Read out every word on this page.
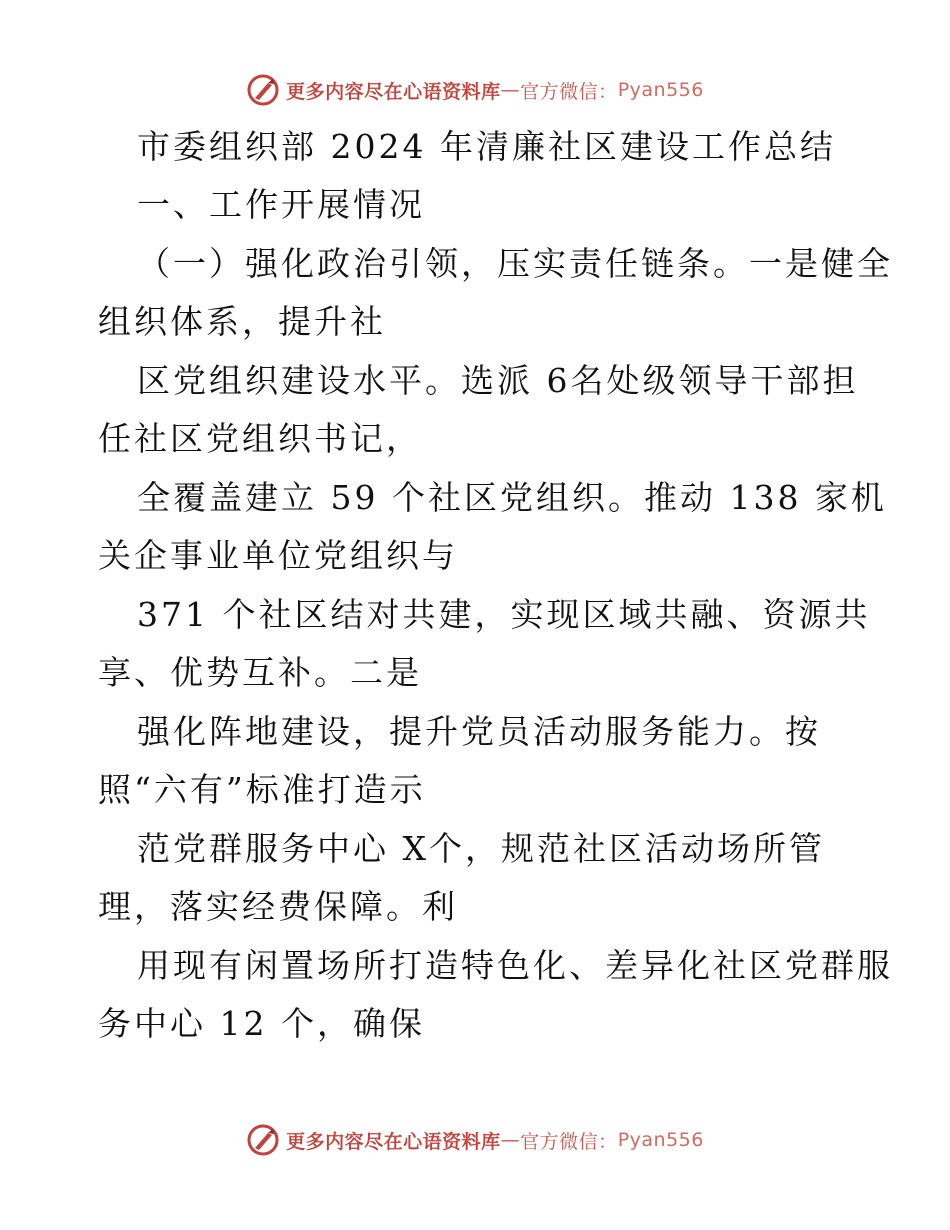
更多内容尽在心语资料库 — 官方微信： Pyan556
市委组织部 2024 年清廉社区建设工作总结
一、工作开展情况
（一）强化政治引领，压实责任链条。一是健全
组织体系，提升社
区党组织建设水平。选派 6名处级领导干部担
任社区党组织书记，
全覆盖建立 59 个社区党组织。推动 138 家机
关企事业单位党组织与
371 个社区结对共建，实现区域共融、资源共
享、优势互补。二是
强化阵地建设，提升党员活动服务能力。按
照“六有”标准打造示
范党群服务中心 X个，规范社区活动场所管
理，落实经费保障。利
用现有闲置场所打造特色化、差异化社区党群服
务中心 12 个，确保
更多内容尽在心语资料库 — 官方微信： Pyan556
